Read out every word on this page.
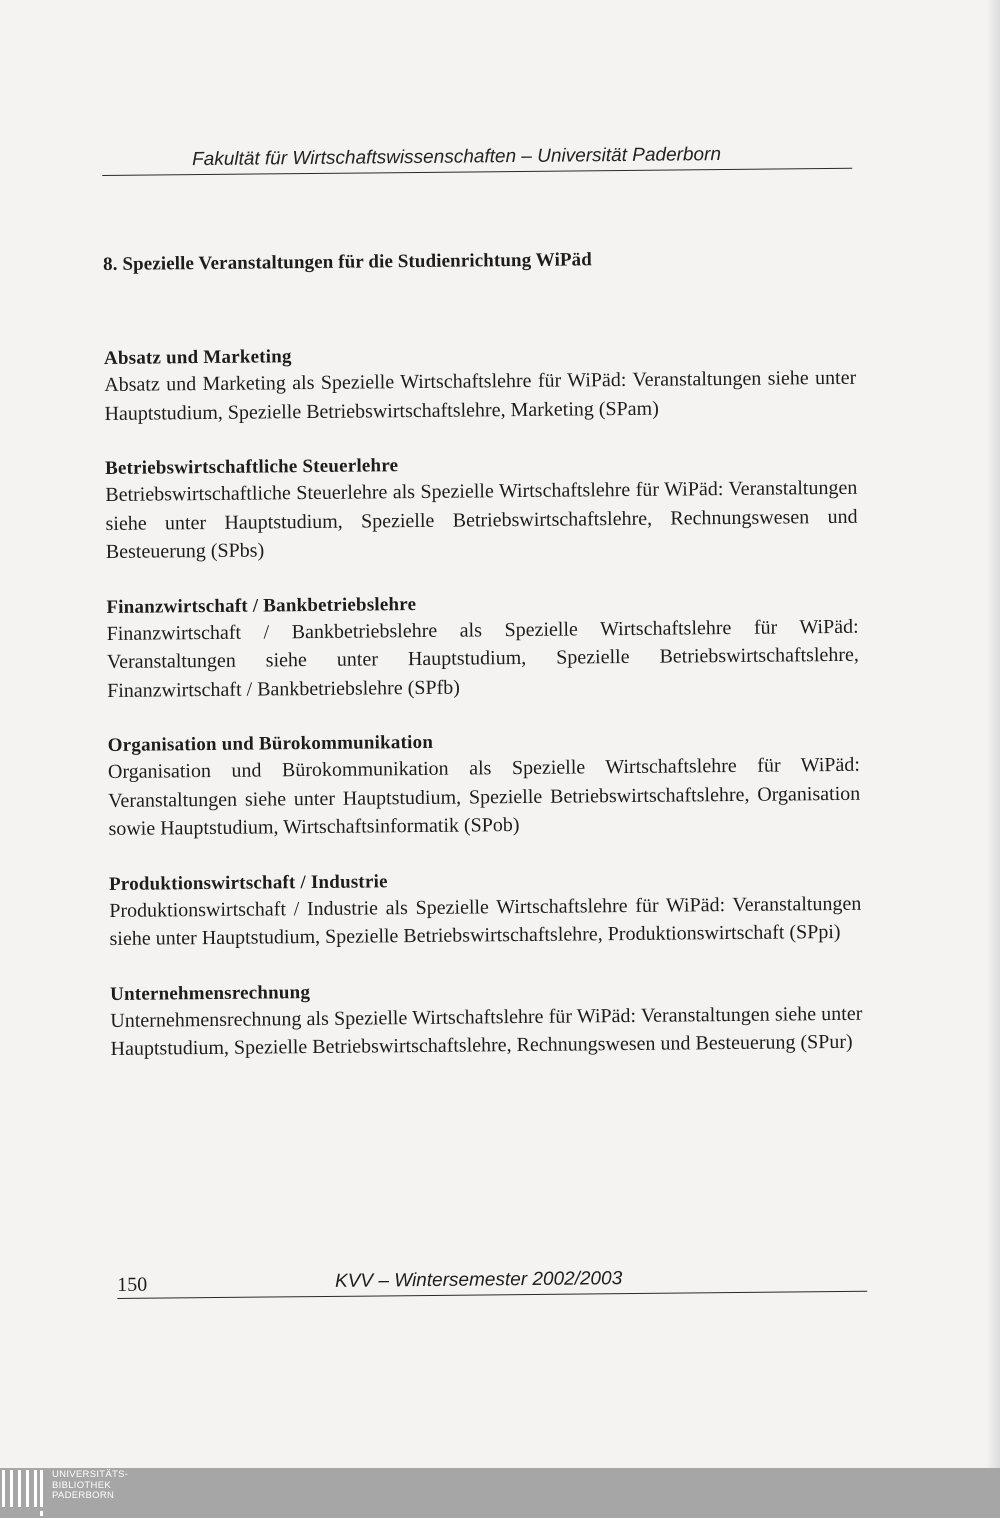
Fakultät für Wirtschaftswissenschaften – Universität Paderborn
8. Spezielle Veranstaltungen für die Studienrichtung WiPäd
Absatz und Marketing

Absatz und Marketing als Spezielle Wirtschaftslehre für WiPäd: Veranstaltungen siehe unter Hauptstudium, Spezielle Betriebswirtschaftslehre, Marketing (SPam)

Betriebswirtschaftliche Steuerlehre

Betriebswirtschaftliche Steuerlehre als Spezielle Wirtschaftslehre für WiPäd: Veranstaltungen siehe unter Hauptstudium, Spezielle Betriebswirtschaftslehre, Rechnungswesen und Besteuerung (SPbs)

Finanzwirtschaft / Bankbetriebslehre

Finanzwirtschaft / Bankbetriebslehre als Spezielle Wirtschaftslehre für WiPäd: Veranstaltungen siehe unter Hauptstudium, Spezielle Betriebswirtschaftslehre, Finanzwirtschaft / Bankbetriebslehre (SPfb)

Organisation und Bürokommunikation

Organisation und Bürokommunikation als Spezielle Wirtschaftslehre für WiPäd: Veranstaltungen siehe unter Hauptstudium, Spezielle Betriebswirtschaftslehre, Organisation sowie Hauptstudium, Wirtschaftsinformatik (SPob)

Produktionswirtschaft / Industrie

Produktionswirtschaft / Industrie als Spezielle Wirtschaftslehre für WiPäd: Veranstaltungen siehe unter Hauptstudium, Spezielle Betriebswirtschaftslehre, Produktionswirtschaft (SPpi)

Unternehmensrechnung

Unternehmensrechnung als Spezielle Wirtschaftslehre für WiPäd: Veranstaltungen siehe unter Hauptstudium, Spezielle Betriebswirtschaftslehre, Rechnungswesen und Besteuerung (SPur)

150	KVV – Wintersemester 2002/2003
UNIVERSITÄTS-
BIBLIOTHEK
PADERBORN
